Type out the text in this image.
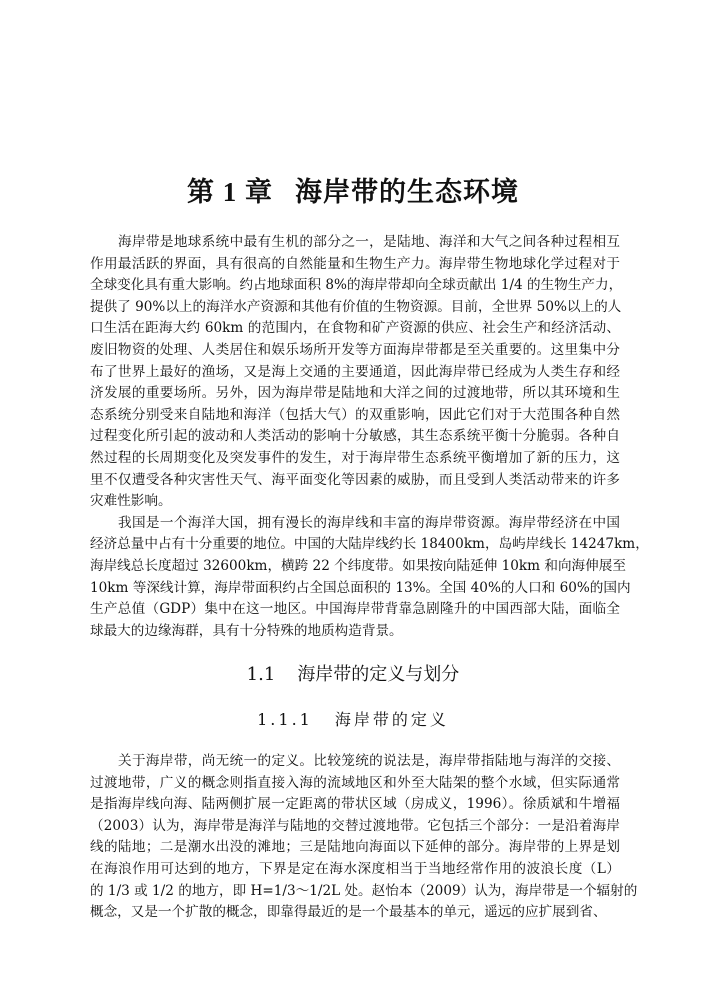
第 1 章 海岸带的生态环境
海岸带是地球系统中最有生机的部分之一，是陆地、海洋和大气之间各种过程相互
作用最活跃的界面，具有很高的自然能量和生物生产力。海岸带生物地球化学过程对于
全球变化具有重大影响。约占地球面积 8%的海岸带却向全球贡献出 1/4 的生物生产力，
提供了 90%以上的海洋水产资源和其他有价值的生物资源。目前，全世界 50%以上的人
口生活在距海大约 60km 的范围内，在食物和矿产资源的供应、社会生产和经济活动、
废旧物资的处理、人类居住和娱乐场所开发等方面海岸带都是至关重要的。这里集中分
布了世界上最好的渔场，又是海上交通的主要通道，因此海岸带已经成为人类生存和经
济发展的重要场所。另外，因为海岸带是陆地和大洋之间的过渡地带，所以其环境和生
态系统分别受来自陆地和海洋（包括大气）的双重影响，因此它们对于大范围各种自然
过程变化所引起的波动和人类活动的影响十分敏感，其生态系统平衡十分脆弱。各种自
然过程的长周期变化及突发事件的发生，对于海岸带生态系统平衡增加了新的压力，这
里不仅遭受各种灾害性天气、海平面变化等因素的威胁，而且受到人类活动带来的许多
灾难性影响。
我国是一个海洋大国，拥有漫长的海岸线和丰富的海岸带资源。海岸带经济在中国
经济总量中占有十分重要的地位。中国的大陆岸线约长 18400km，岛屿岸线长 14247km，
海岸线总长度超过 32600km，横跨 22 个纬度带。如果按向陆延伸 10km 和向海伸展至
10km 等深线计算，海岸带面积约占全国总面积的 13%。全国 40%的人口和 60%的国内
生产总值（GDP）集中在这一地区。中国海岸带背靠急剧隆升的中国西部大陆，面临全
球最大的边缘海群，具有十分特殊的地质构造背景。
1.1 海岸带的定义与划分
1.1.1 海岸带的定义
关于海岸带，尚无统一的定义。比较笼统的说法是，海岸带指陆地与海洋的交接、
过渡地带，广义的概念则指直接入海的流域地区和外至大陆架的整个水域，但实际通常
是指海岸线向海、陆两侧扩展一定距离的带状区域（房成义，1996）。徐质斌和牛增福
（2003）认为，海岸带是海洋与陆地的交替过渡地带。它包括三个部分：一是沿着海岸
线的陆地；二是潮水出没的滩地；三是陆地向海面以下延伸的部分。海岸带的上界是划
在海浪作用可达到的地方，下界是定在海水深度相当于当地经常作用的波浪长度（L）
的 1/3 或 1/2 的地方，即 H=1/3～1/2L 处。赵怡本（2009）认为，海岸带是一个辐射的
概念，又是一个扩散的概念，即靠得最近的是一个最基本的单元，遥远的应扩展到省、
